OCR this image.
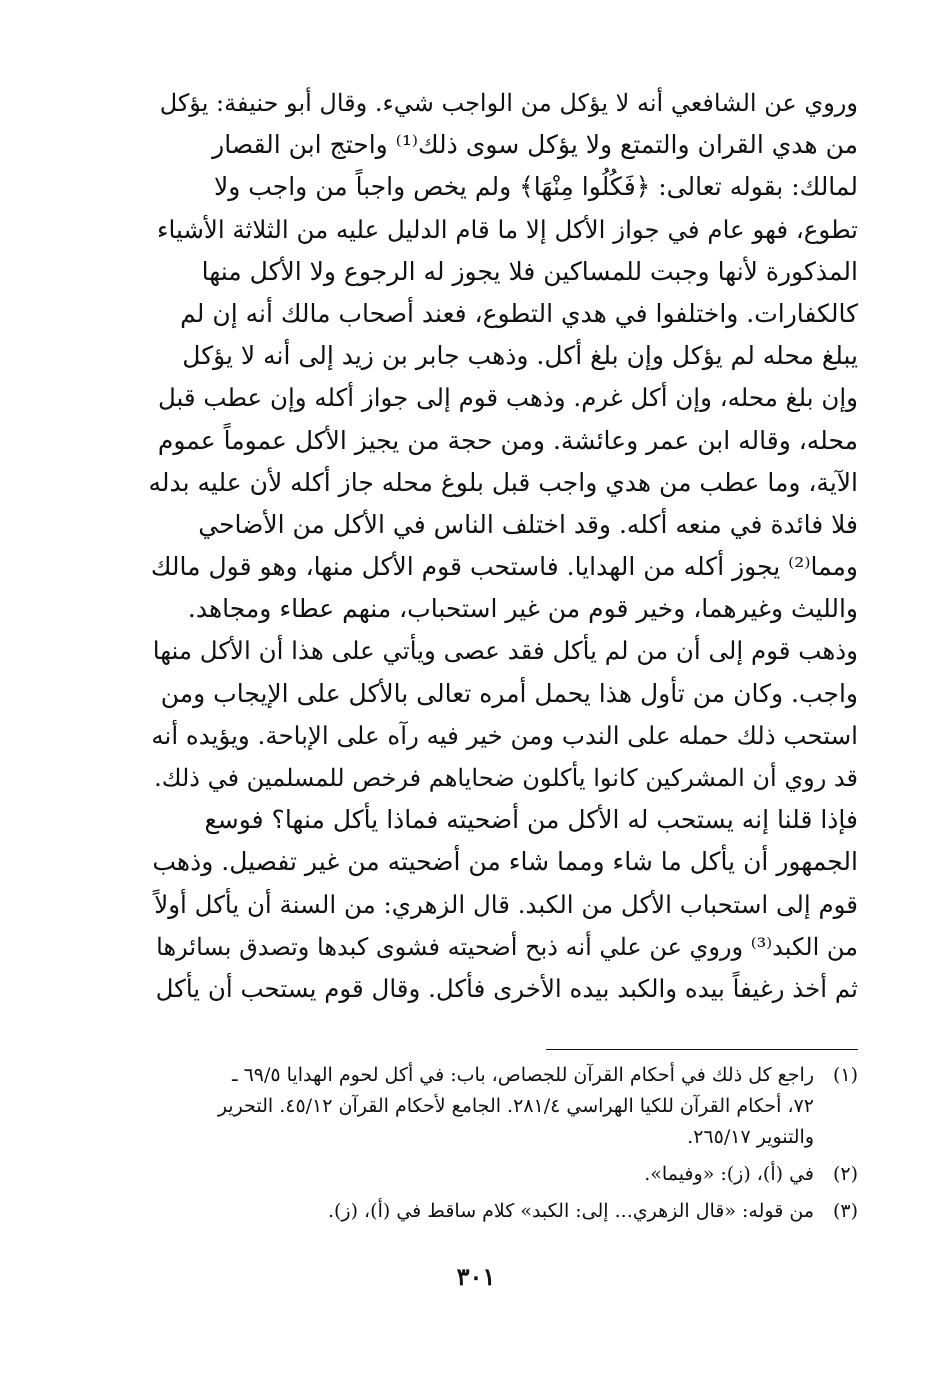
وروي عن الشافعي أنه لا يؤكل من الواجب شيء. وقال أبو حنيفة: يؤكل
من هدي القران والتمتع ولا يؤكل سوى ذلك⁽¹⁾ واحتج ابن القصار
لمالك: بقوله تعالى: ﴿فَكُلُوا مِنْهَا﴾ ولم يخص واجباً من واجب ولا
تطوع، فهو عام في جواز الأكل إلا ما قام الدليل عليه من الثلاثة الأشياء
المذكورة لأنها وجبت للمساكين فلا يجوز له الرجوع ولا الأكل منها
كالكفارات. واختلفوا في هدي التطوع، فعند أصحاب مالك أنه إن لم
يبلغ محله لم يؤكل وإن بلغ أكل. وذهب جابر بن زيد إلى أنه لا يؤكل
وإن بلغ محله، وإن أكل غرم. وذهب قوم إلى جواز أكله وإن عطب قبل
محله، وقاله ابن عمر وعائشة. ومن حجة من يجيز الأكل عموماً عموم
الآية، وما عطب من هدي واجب قبل بلوغ محله جاز أكله لأن عليه بدله
فلا فائدة في منعه أكله. وقد اختلف الناس في الأكل من الأضاحي
ومما⁽²⁾ يجوز أكله من الهدايا. فاستحب قوم الأكل منها، وهو قول مالك
والليث وغيرهما، وخير قوم من غير استحباب، منهم عطاء ومجاهد.
وذهب قوم إلى أن من لم يأكل فقد عصى ويأتي على هذا أن الأكل منها
واجب. وكان من تأول هذا يحمل أمره تعالى بالأكل على الإيجاب ومن
استحب ذلك حمله على الندب ومن خير فيه رآه على الإباحة. ويؤيده أنه
قد روي أن المشركين كانوا يأكلون ضحاياهم فرخص للمسلمين في ذلك.
فإذا قلنا إنه يستحب له الأكل من أضحيته فماذا يأكل منها؟ فوسع
الجمهور أن يأكل ما شاء ومما شاء من أضحيته من غير تفصيل. وذهب
قوم إلى استحباب الأكل من الكبد. قال الزهري: من السنة أن يأكل أولاً
من الكبد⁽³⁾ وروي عن علي أنه ذبح أضحيته فشوى كبدها وتصدق بسائرها
ثم أخذ رغيفاً بيده والكبد بيده الأخرى فأكل. وقال قوم يستحب أن يأكل
(١)
راجع كل ذلك في أحكام القرآن للجصاص، باب: في أكل لحوم الهدايا ٦٩/٥ ـ
٧٢، أحكام القرآن للكيا الهراسي ٢٨١/٤. الجامع لأحكام القرآن ٤٥/١٢. التحرير
والتنوير ٢٦٥/١٧.
(٢)
في (أ)، (ز): «وفيما».
(٣)
من قوله: «قال الزهري... إلى: الكبد» كلام ساقط في (أ)، (ز).
٣٠١
